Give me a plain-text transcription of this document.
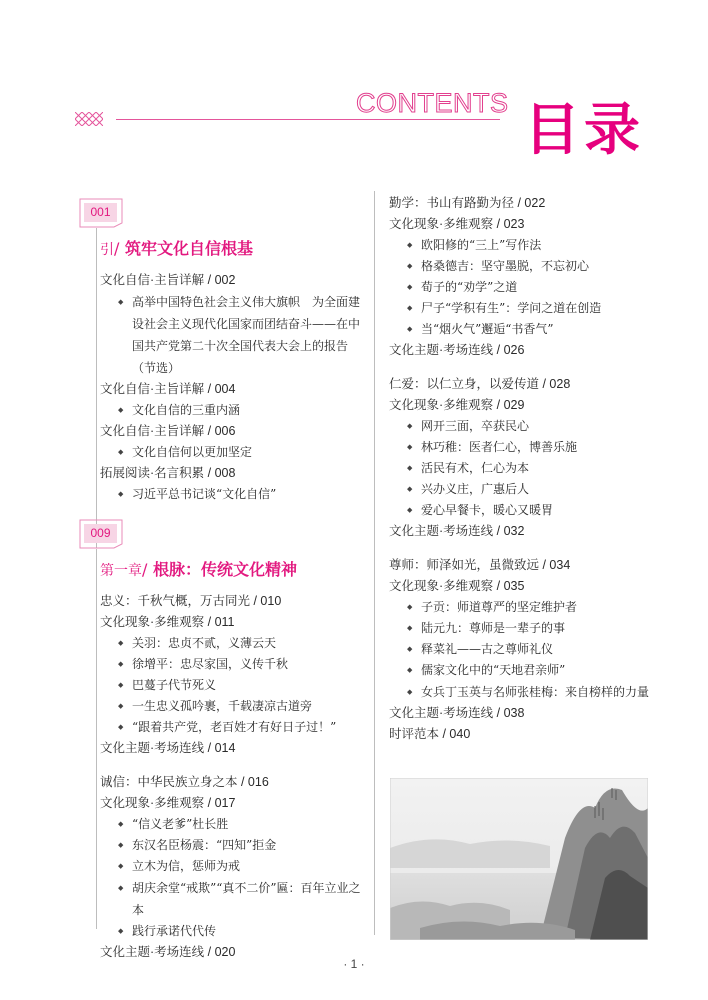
CONTENTS 目录
001
引/ 筑牢文化自信根基
文化自信·主旨详解 / 002
◆ 高举中国特色社会主义伟大旗帜　为全面建设社会主义现代化国家而团结奋斗——在中国共产党第二十次全国代表大会上的报告（节选）
文化自信·主旨详解 / 004
◆ 文化自信的三重内涵
文化自信·主旨详解 / 006
◆ 文化自信何以更加坚定
拓展阅读·名言积累 / 008
◆ 习近平总书记谈“文化自信”
009
第一章/ 根脉：传统文化精神
忠义：千秋气概，万古同光 / 010
文化现象·多维观察 / 011
◆ 关羽：忠贞不贰，义薄云天
◆ 徐增平：忠尽家国，义传千秋
◆ 巴蔓子代节死义
◆ 一生忠义孤吟裹，千载凄凉古道旁
◆ “跟着共产党，老百姓才有好日子过！”
文化主题·考场连线 / 014
诚信：中华民族立身之本 / 016
文化现象·多维观察 / 017
◆ “信义老爹”杜长胜
◆ 东汉名臣杨震：“四知”拒金
◆ 立木为信，惩师为戒
◆ 胡庆余堂“戒欺”“真不二价”匾：百年立业之本
◆ 践行承诺代代传
文化主题·考场连线 / 020
勤学：书山有路勤为径 / 022
文化现象·多维观察 / 023
◆ 欧阳修的“三上”写作法
◆ 格桑德吉：坚守墨脱，不忘初心
◆ 荀子的“劝学”之道
◆ 尸子“学积有生”：学问之道在创造
◆ 当“烟火气”邂逅“书香气”
文化主题·考场连线 / 026
仁爱：以仁立身，以爱传道 / 028
文化现象·多维观察 / 029
◆ 网开三面，卒获民心
◆ 林巧稚：医者仁心，博善乐施
◆ 活民有术，仁心为本
◆ 兴办义庄，广惠后人
◆ 爱心早餐卡，暖心又暖胃
文化主题·考场连线 / 032
尊师：师泽如光，虽微致远 / 034
文化现象·多维观察 / 035
◆ 子贡：师道尊严的坚定维护者
◆ 陆元九：尊师是一辈子的事
◆ 释菜礼——古之尊师礼仪
◆ 儒家文化中的“天地君亲师”
◆ 女兵丁玉英与名师张桂梅：来自榜样的力量
文化主题·考场连线 / 038
时评范本 / 040
· 1 ·
